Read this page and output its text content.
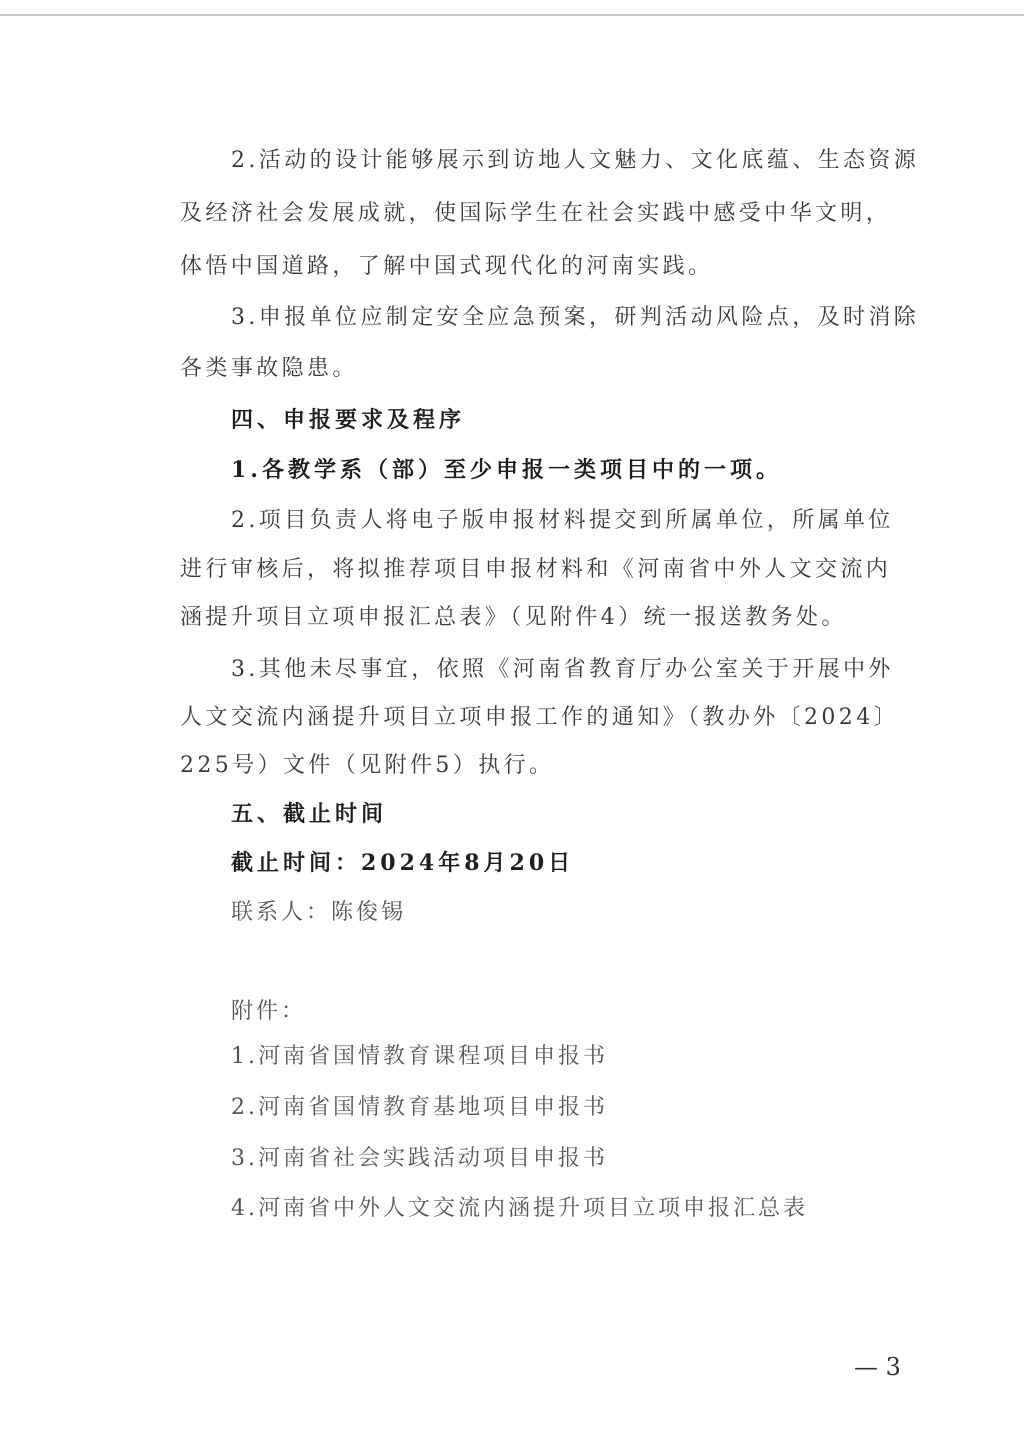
2.活动的设计能够展示到访地人文魅力、文化底蕴、生态资源
及经济社会发展成就，使国际学生在社会实践中感受中华文明，
体悟中国道路，了解中国式现代化的河南实践。
3.申报单位应制定安全应急预案，研判活动风险点，及时消除
各类事故隐患。
四、申报要求及程序
1.各教学系（部）至少申报一类项目中的一项。
2.项目负责人将电子版申报材料提交到所属单位，所属单位
进行审核后，将拟推荐项目申报材料和《河南省中外人文交流内
涵提升项目立项申报汇总表》（见附件4）统一报送教务处。
3.其他未尽事宜，依照《河南省教育厅办公室关于开展中外
人文交流内涵提升项目立项申报工作的通知》（教办外〔2024〕
225号）文件（见附件5）执行。
五、截止时间
截止时间：2024年8月20日
联系人：陈俊锡
附件：
1.河南省国情教育课程项目申报书
2.河南省国情教育基地项目申报书
3.河南省社会实践活动项目申报书
4.河南省中外人文交流内涵提升项目立项申报汇总表
— 3
